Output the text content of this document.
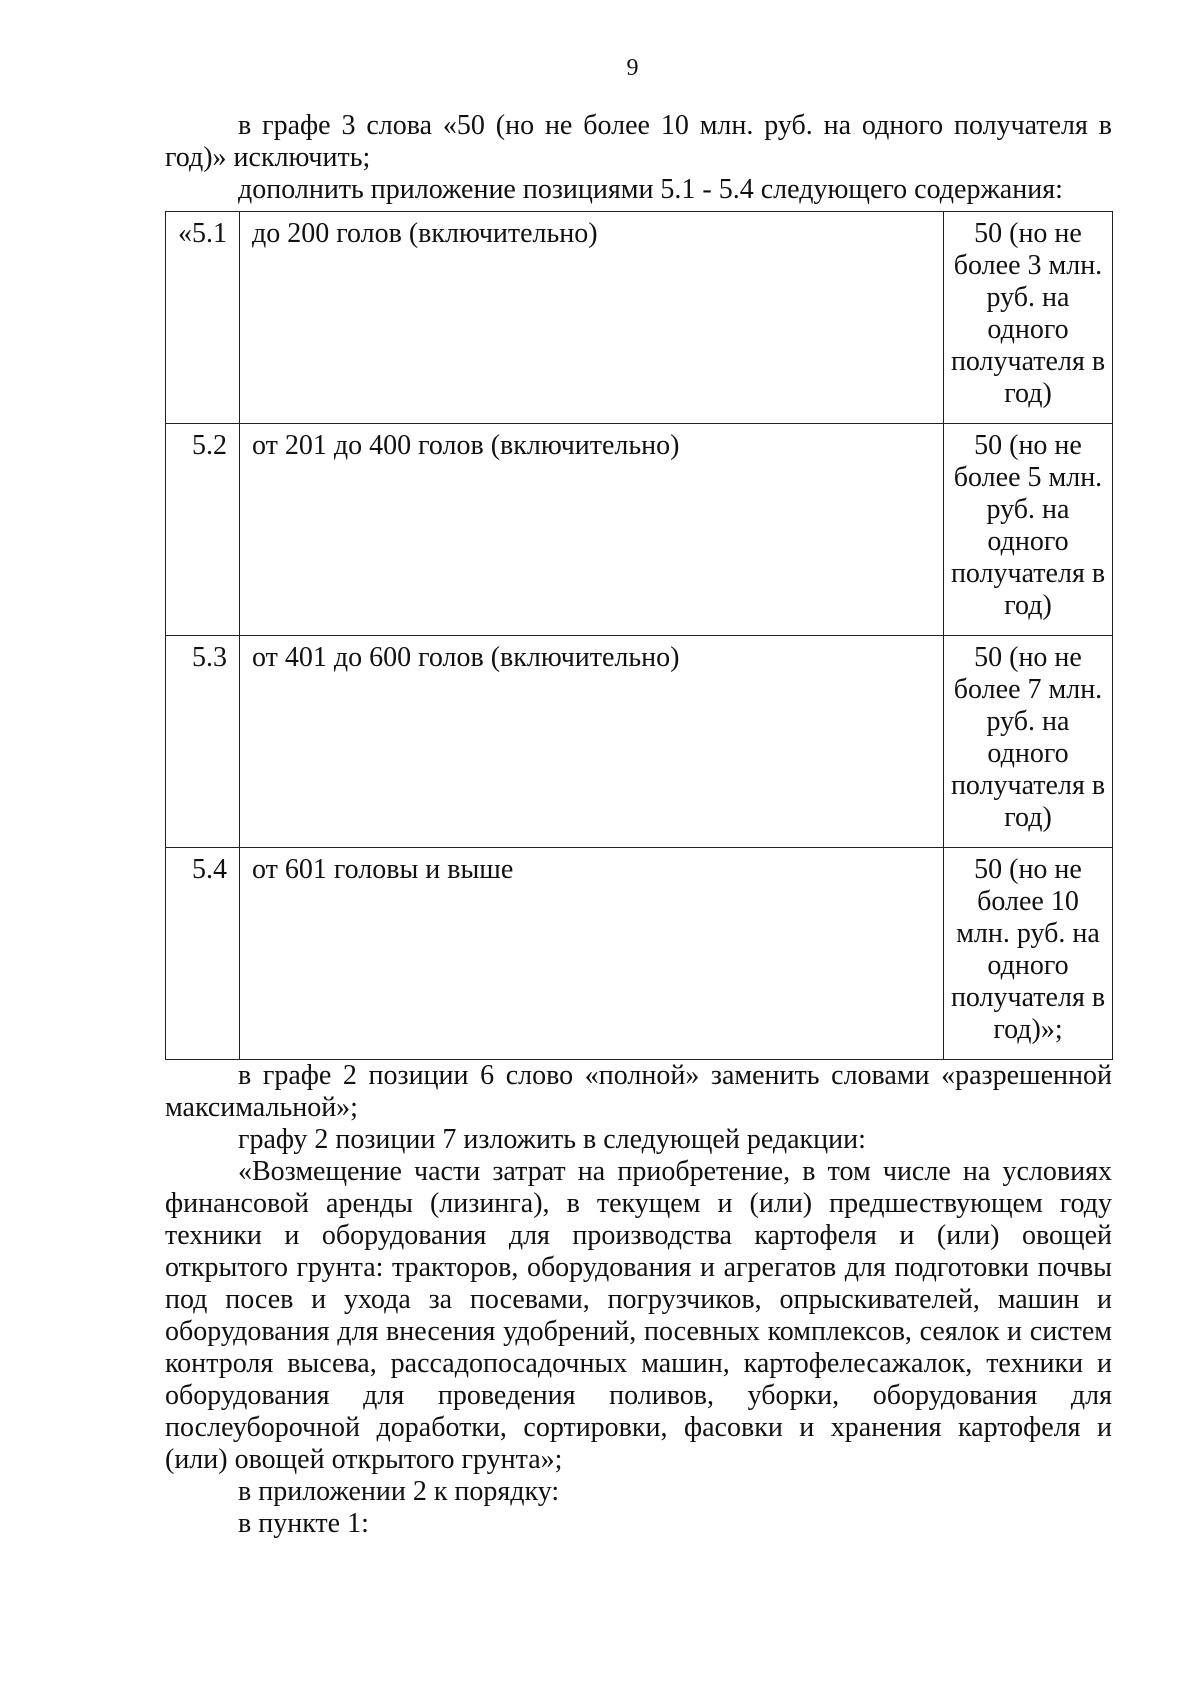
9

в графе 3 слова «50 (но не более 10 млн. руб. на одного получателя в год)» исключить;

дополнить приложение позициями 5.1 - 5.4 следующего содержания:

«5.1	до 200 голов (включительно)	50 (но не более 3 млн. руб. на одного получателя в год)
5.2	от 201 до 400 голов (включительно)	50 (но не более 5 млн. руб. на одного получателя в год)
5.3	от 401 до 600 голов (включительно)	50 (но не более 7 млн. руб. на одного получателя в год)
5.4	от 601 головы и выше	50 (но не более 10 млн. руб. на одного получателя в год)»;

в графе 2 позиции 6 слово «полной» заменить словами «разрешенной максимальной»;

графу 2 позиции 7 изложить в следующей редакции:

«Возмещение части затрат на приобретение, в том числе на условиях финансовой аренды (лизинга), в текущем и (или) предшествующем году техники и оборудования для производства картофеля и (или) овощей открытого грунта: тракторов, оборудования и агрегатов для подготовки почвы под посев и ухода за посевами, погрузчиков, опрыскивателей, машин и оборудования для внесения удобрений, посевных комплексов, сеялок и систем контроля высева, рассадопосадочных машин, картофелесажалок, техники и оборудования для проведения поливов, уборки, оборудования для послеуборочной доработки, сортировки, фасовки и хранения картофеля и (или) овощей открытого грунта»;

в приложении 2 к порядку:

в пункте 1:
